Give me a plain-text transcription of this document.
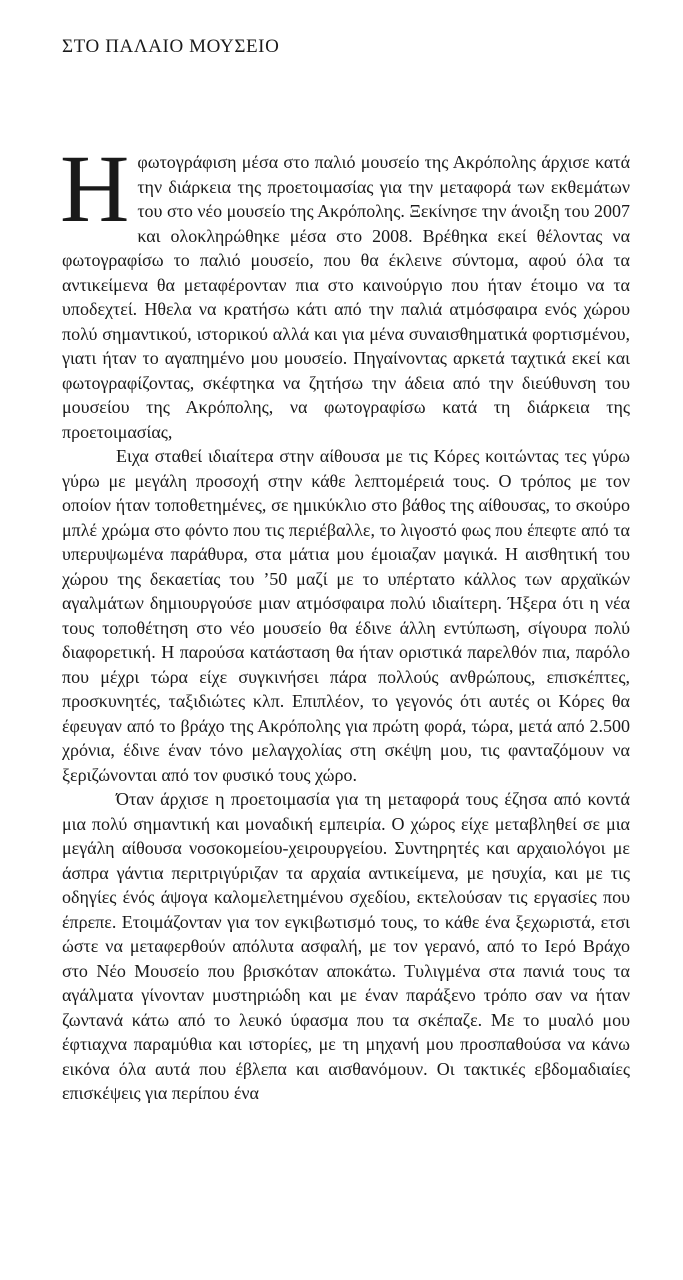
ΣΤΟ ΠΑΛΑΙΟ ΜΟΥΣΕΙΟ

Ηφωτογράφιση μέσα στο παλιό μουσείο της Ακρόπολης άρχισε κατά την διάρκεια της προετοιμασίας για την μεταφορά των εκθεμάτων του στο νέο μουσείο της Ακρόπολης. Ξεκίνησε την άνοιξη του 2007 και ολοκληρώθηκε μέσα στο 2008. Βρέθηκα εκεί θέλοντας να φωτογραφίσω το παλιό μουσείο, που θα έκλεινε σύντομα, αφού όλα τα αντικείμενα θα μεταφέρονταν πια στο καινούργιο που ήταν έτοιμο να τα υποδεχτεί. Ηθελα να κρατήσω κάτι από την παλιά ατμόσφαιρα ενός χώρου πολύ σημαντικού, ιστορικού αλλά και για μένα συναισθηματικά φορτισμένου, γιατι ήταν το αγαπημένο μου μουσείο. Πηγαίνοντας αρκετά ταχτικά εκεί και φωτογραφίζοντας, σκέφτηκα να ζητήσω την άδεια από την διεύθυνση του μουσείου της Ακρόπολης, να φωτογραφίσω κατά τη διάρκεια της προετοιμασίας,

Ειχα σταθεί ιδιαίτερα στην αίθουσα με τις Κόρες κοιτώντας τες γύρω γύρω με μεγάλη προσοχή στην κάθε λεπτομέρειά τους. Ο τρόπος με τον οποίον ήταν τοποθετημένες, σε ημικύκλιο στο βάθος της αίθουσας, το σκούρο μπλέ χρώμα στο φόντο που τις περιέβαλλε, το λιγοστό φως που έπεφτε από τα υπερυψωμένα παράθυρα, στα μάτια μου έμοιαζαν μαγικά. Η αισθητική του χώρου της δεκαετίας του ’50 μαζί με το υπέρτατο κάλλος των αρχαϊκών αγαλμάτων δημιουργούσε μιαν ατμόσφαιρα πολύ ιδιαίτερη. Ήξερα ότι η νέα τους τοποθέτηση στο νέο μουσείο θα έδινε άλλη εντύπωση, σίγουρα πολύ διαφορετική. Η παρούσα κατάσταση θα ήταν οριστικά παρελθόν πια, παρόλο που μέχρι τώρα είχε συγκινήσει πάρα πολλούς ανθρώπους, επισκέπτες, προσκυνητές, ταξιδιώτες κλπ. Επιπλέον, το γεγονός ότι αυτές οι Κόρες θα έφευγαν από το βράχο της Ακρόπολης για πρώτη φορά, τώρα, μετά από 2.500 χρόνια, έδινε έναν τόνο μελαγχολίας στη σκέψη μου, τις φανταζόμουν να ξεριζώνονται από τον φυσικό τους χώρο.

Όταν άρχισε η προετοιμασία για τη μεταφορά τους έζησα από κοντά μια πολύ σημαντική και μοναδική εμπειρία. Ο χώρος είχε μεταβληθεί σε μια μεγάλη αίθουσα νοσοκομείου-χειρουργείου. Συντηρητές και αρχαιολόγοι με άσπρα γάντια περιτριγύριζαν τα αρχαία αντικείμενα, με ησυχία, και με τις οδηγίες ένός άψογα καλομελετημένου σχεδίου, εκτελούσαν τις εργασίες που έπρεπε. Ετοιμάζονταν για τον εγκιβωτισμό τους, το κάθε ένα ξεχωριστά, ετσι ώστε να μεταφερθούν απόλυτα ασφαλή, με τον γερανό, από το Ιερό Βράχο στο Νέο Μουσείο που βρισκόταν αποκάτω. Τυλιγμένα στα πανιά τους τα αγάλματα γίνονταν μυστηριώδη και με έναν παράξενο τρόπο σαν να ήταν ζωντανά κάτω από το λευκό ύφασμα που τα σκέπαζε. Με το μυαλό μου έφτιαχνα παραμύθια και ιστορίες, με τη μηχανή μου προσπαθούσα να κάνω εικόνα όλα αυτά που έβλεπα και αισθανόμουν. Οι τακτικές εβδομαδιαίες επισκέψεις για περίπου ένα
